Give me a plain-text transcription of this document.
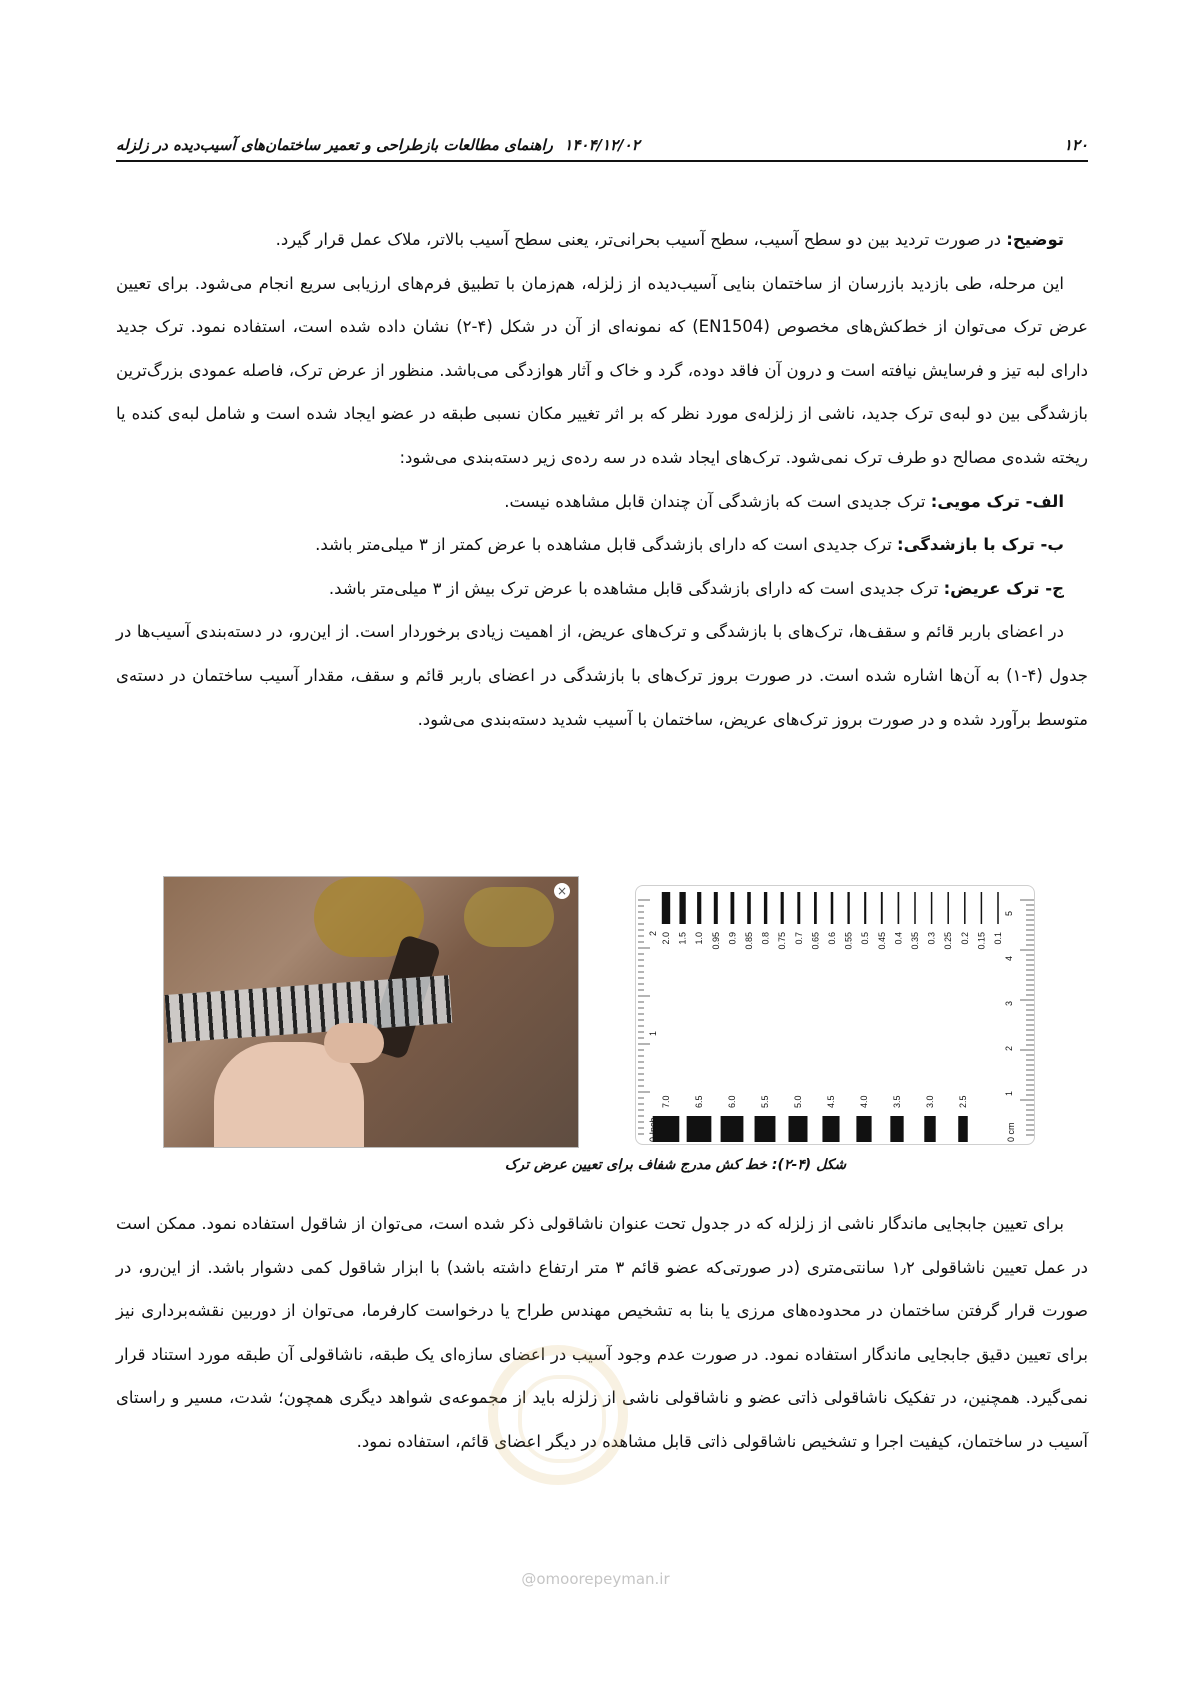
راهنمای مطالعات بازطراحی و تعمیر ساختمان‌های آسیب‌دیده در زلزله ۱۴۰۴/۱۲/۰۲	۱۲۰

توضیح: در صورت تردید بین دو سطح آسیب، سطح آسیب بحرانی‌تر، یعنی سطح آسیب بالاتر، ملاک عمل قرار گیرد.

این مرحله، طی بازدید بازرسان از ساختمان بنایی آسیب‌دیده از زلزله، هم‌زمان با تطبیق فرم‌های ارزیابی سریع انجام می‌شود. برای تعیین عرض ترک می‌توان از خط‌کش‌های مخصوص (EN1504) که نمونه‌ای از آن در شکل (۴-۲) نشان داده شده است، استفاده نمود. ترک جدید دارای لبه تیز و فرسایش نیافته است و درون آن فاقد دوده، گرد و خاک و آثار هوازدگی می‌باشد. منظور از عرض ترک، فاصله عمودی بزرگ‌ترین بازشدگی بین دو لبه‌ی ترک جدید، ناشی از زلزله‌ی مورد نظر که بر اثر تغییر مکان نسبی طبقه در عضو ایجاد شده است و شامل لبه‌ی کنده یا ریخته شده‌ی مصالح دو طرف ترک نمی‌شود. ترک‌های ایجاد شده در سه رده‌ی زیر دسته‌بندی می‌شود:

الف- ترک مویی: ترک جدیدی است که بازشدگی آن چندان قابل مشاهده نیست.

ب- ترک با بازشدگی: ترک جدیدی است که دارای بازشدگی قابل مشاهده با عرض کمتر از ۳ میلی‌متر باشد.

ج- ترک عریض: ترک جدیدی است که دارای بازشدگی قابل مشاهده با عرض ترک بیش از ۳ میلی‌متر باشد.

در اعضای باربر قائم و سقف‌ها، ترک‌های با بازشدگی و ترک‌های عریض، از اهمیت زیادی برخوردار است. از این‌رو، در دسته‌بندی آسیب‌ها در جدول (۴-۱) به آن‌ها اشاره شده است. در صورت بروز ترک‌های با بازشدگی در اعضای باربر قائم و سقف، مقدار آسیب ساختمان در دسته‌ی متوسط برآورد شده و در صورت بروز ترک‌های عریض، ساختمان با آسیب شدید دسته‌بندی می‌شود.

×
2.0 1.5 1.0 0.95 0.9 0.85 0.8 0.75 0.7 0.65 0.6 0.55 0.5 0.45 0.4 0.35 0.3 0.25 0.2 0.15 0.1
7.0	6.5	6.0	5.5	5.0	4.5	4.0	3.5	3.0	2.5
1
2
1
2
3
4
5
0 Inch	0 cm
شکل (۴-۲): خط کش مدرج شفاف برای تعیین عرض ترک

برای تعیین جابجایی ماندگار ناشی از زلزله که در جدول تحت عنوان ناشاقولی ذکر شده است، می‌توان از شاقول استفاده نمود. ممکن است در عمل تعیین ناشاقولی ۱٫۲ سانتی‌متری (در صورتی‌که عضو قائم ۳ متر ارتفاع داشته باشد) با ابزار شاقول کمی دشوار باشد. از این‌رو، در صورت قرار گرفتن ساختمان در محدوده‌های مرزی یا بنا به تشخیص مهندس طراح یا درخواست کارفرما، می‌توان از دوربین نقشه‌برداری نیز برای تعیین دقیق جابجایی ماندگار استفاده نمود. در صورت عدم وجود آسیب در اعضای سازه‌ای یک طبقه، ناشاقولی آن طبقه مورد استناد قرار نمی‌گیرد. همچنین، در تفکیک ناشاقولی ذاتی عضو و ناشاقولی ناشی از زلزله باید از مجموعه‌ی شواهد دیگری همچون؛ شدت، مسیر و راستای آسیب در ساختمان، کیفیت اجرا و تشخیص ناشاقولی ذاتی قابل مشاهده در دیگر اعضای قائم، استفاده نمود.

@omoorepeyman.ir
